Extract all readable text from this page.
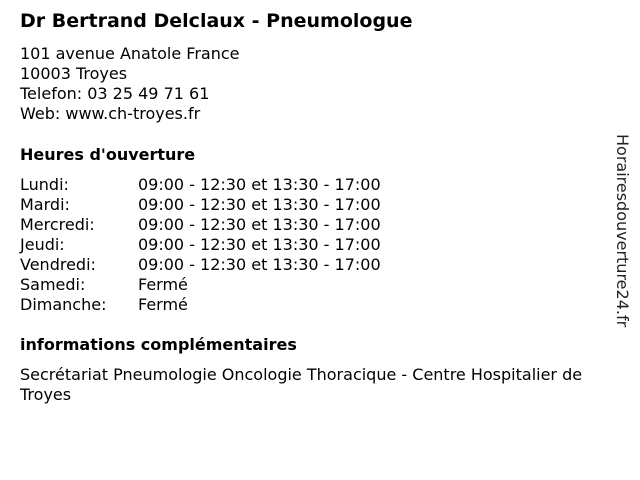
Dr Bertrand Delclaux - Pneumologue
101 avenue Anatole France
10003 Troyes
Telefon: 03 25 49 71 61
Web: www.ch-troyes.fr
Heures d'ouverture
Lundi:	09:00 - 12:30 et 13:30 - 17:00
Mardi:	09:00 - 12:30 et 13:30 - 17:00
Mercredi:	09:00 - 12:30 et 13:30 - 17:00
Jeudi:	09:00 - 12:30 et 13:30 - 17:00
Vendredi:	09:00 - 12:30 et 13:30 - 17:00
Samedi:	Fermé
Dimanche:	Fermé
informations complémentaires
Secrétariat Pneumologie Oncologie Thoracique - Centre Hospitalier de Troyes
Horairesdouverture24.fr
